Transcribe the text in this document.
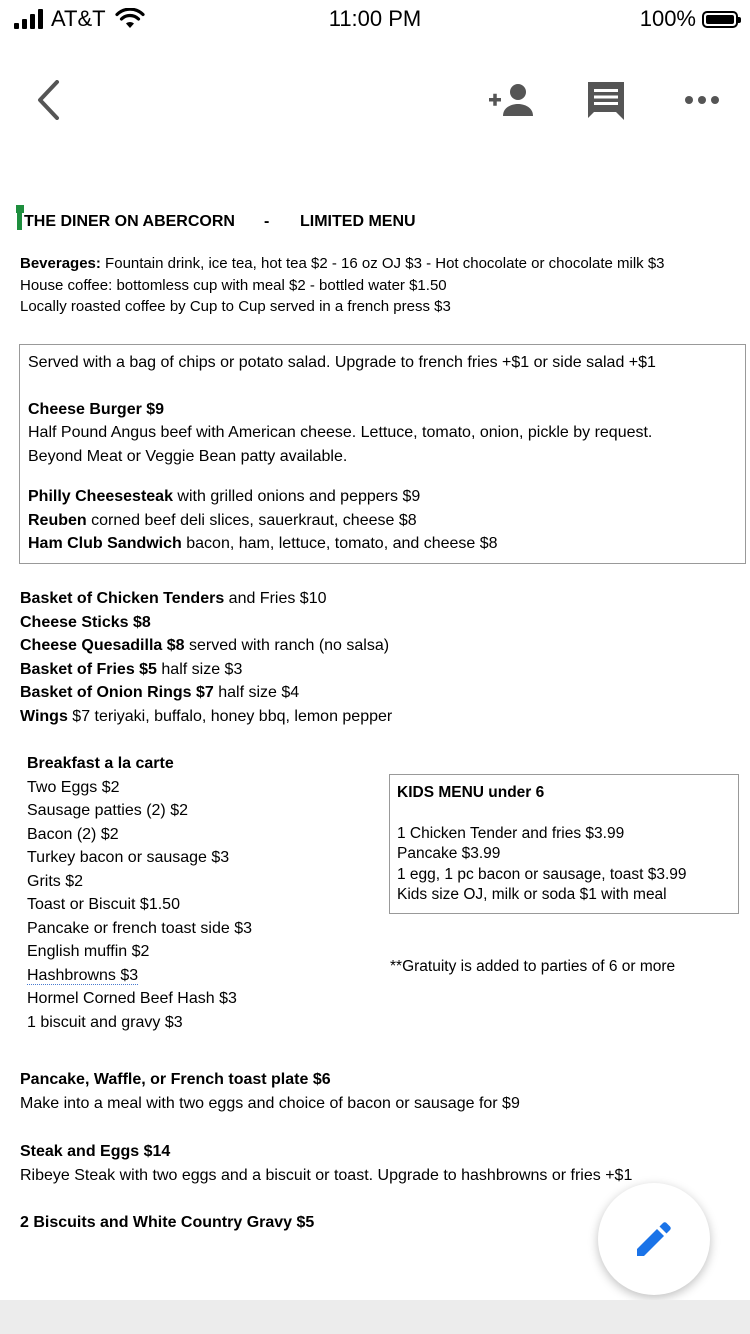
AT&T	11:00 PM	100%
THE DINER ON ABERCORN - LIMITED MENU
Beverages: Fountain drink, ice tea, hot tea $2 - 16 oz OJ $3 - Hot chocolate or chocolate milk $3
House coffee: bottomless cup with meal $2 - bottled water $1.50
Locally roasted coffee by Cup to Cup served in a french press $3
Served with a bag of chips or potato salad. Upgrade to french fries +$1 or side salad +$1
Cheese Burger $9
Half Pound Angus beef with American cheese. Lettuce, tomato, onion, pickle by request.
Beyond Meat or Veggie Bean patty available.
Philly Cheesesteak with grilled onions and peppers $9
Reuben corned beef deli slices, sauerkraut, cheese $8
Ham Club Sandwich bacon, ham, lettuce, tomato, and cheese $8
Basket of Chicken Tenders and Fries $10
Cheese Sticks $8
Cheese Quesadilla $8 served with ranch (no salsa)
Basket of Fries $5 half size $3
Basket of Onion Rings $7 half size $4
Wings $7 teriyaki, buffalo, honey bbq, lemon pepper
Breakfast a la carte
Two Eggs $2
Sausage patties (2) $2
Bacon (2) $2
Turkey bacon or sausage $3
Grits $2
Toast or Biscuit $1.50
Pancake or french toast side $3
English muffin $2
Hashbrowns $3
Hormel Corned Beef Hash $3
1 biscuit and gravy $3
KIDS MENU under 6
1 Chicken Tender and fries $3.99
Pancake $3.99
1 egg, 1 pc bacon or sausage, toast $3.99
Kids size OJ, milk or soda $1 with meal
**Gratuity is added to parties of 6 or more
Pancake, Waffle, or French toast plate $6
Make into a meal with two eggs and choice of bacon or sausage for $9
Steak and Eggs $14
Ribeye Steak with two eggs and a biscuit or toast. Upgrade to hashbrowns or fries +$1
2 Biscuits and White Country Gravy $5
